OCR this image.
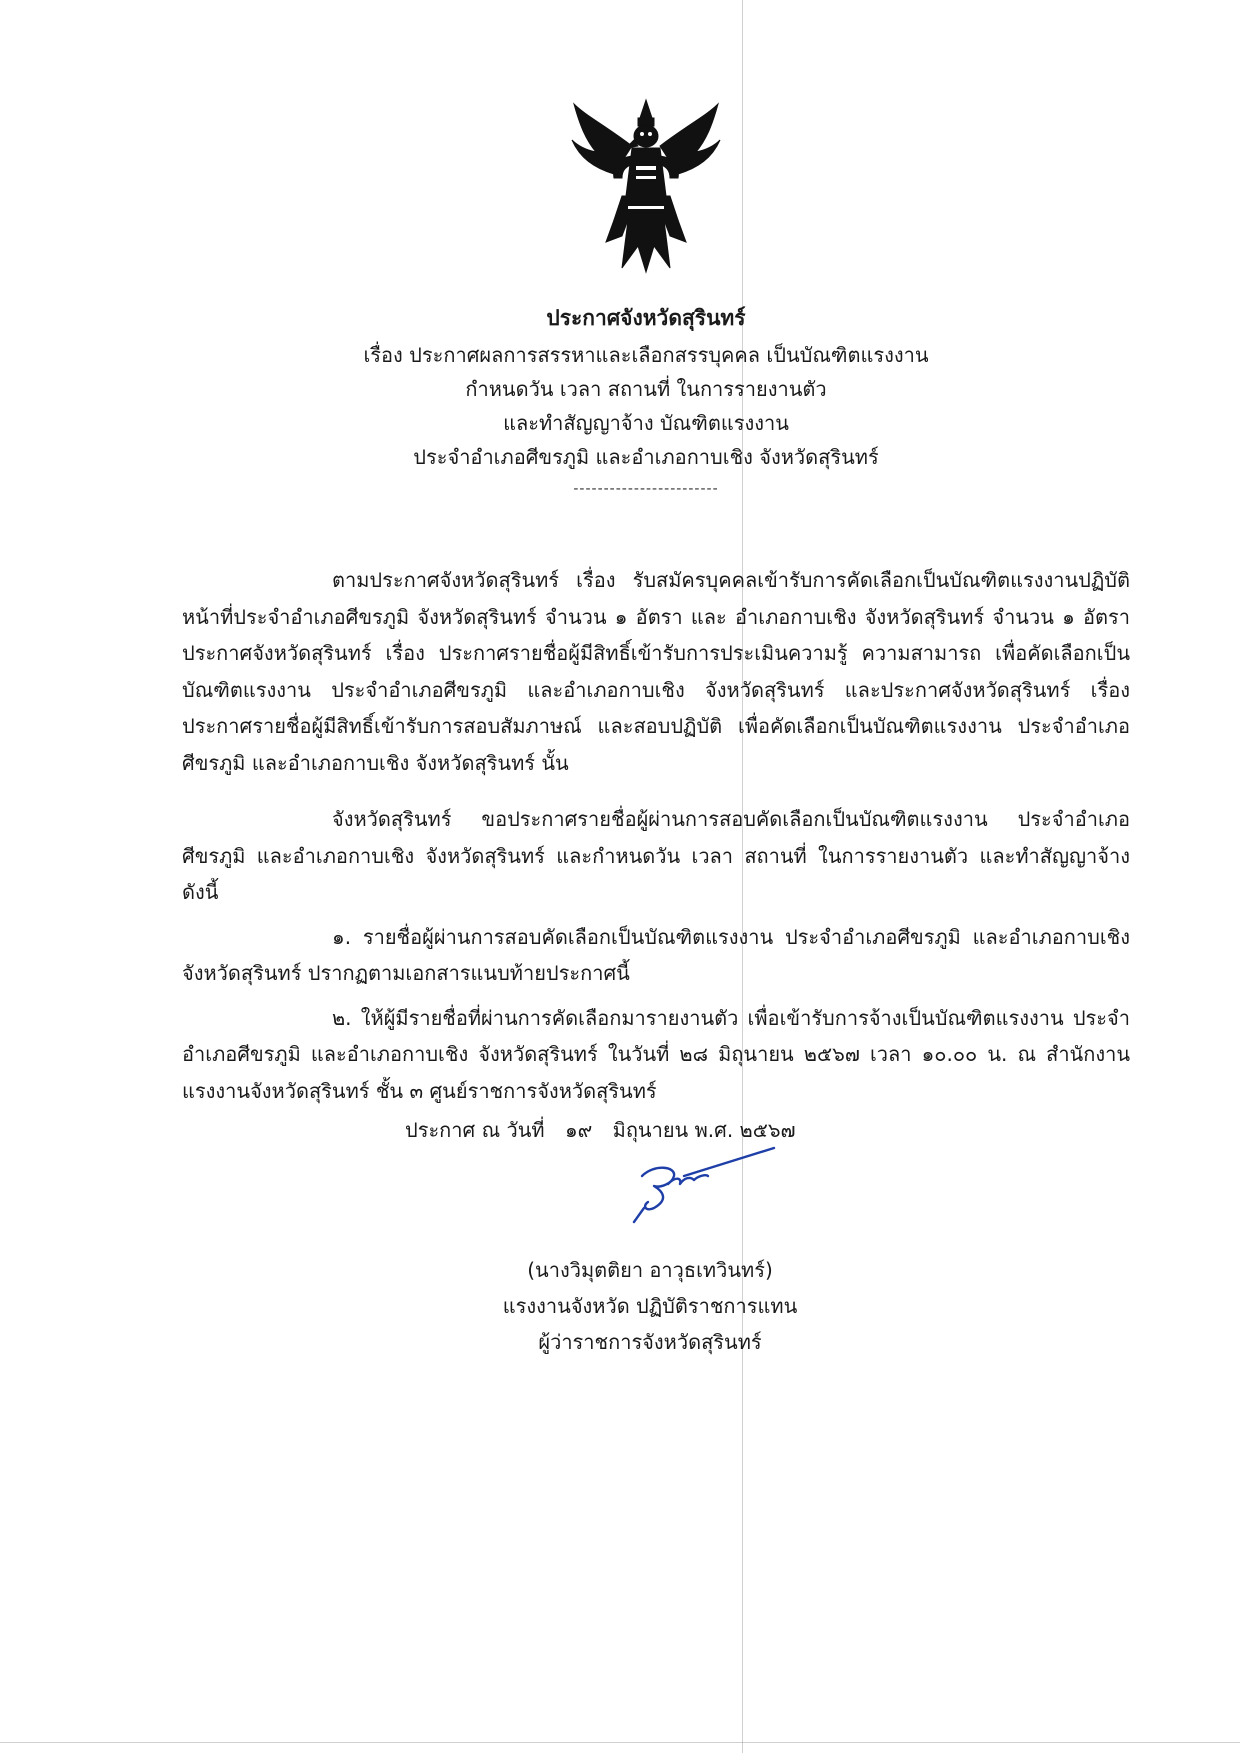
ประกาศจังหวัดสุรินทร์
เรื่อง ประกาศผลการสรรหาและเลือกสรรบุคคล เป็นบัณฑิตแรงงาน
กำหนดวัน เวลา สถานที่ ในการรายงานตัว
และทำสัญญาจ้าง บัณฑิตแรงงาน
ประจำอำเภอศีขรภูมิ และอำเภอกาบเชิง จังหวัดสุรินทร์
------------------------

ตามประกาศจังหวัดสุรินทร์ เรื่อง รับสมัครบุคคลเข้ารับการคัดเลือกเป็นบัณฑิตแรงงานปฏิบัติหน้าที่ประจำอำเภอศีขรภูมิ จังหวัดสุรินทร์ จำนวน ๑ อัตรา และ อำเภอกาบเชิง จังหวัดสุรินทร์ จำนวน ๑ อัตรา ประกาศจังหวัดสุรินทร์ เรื่อง ประกาศรายชื่อผู้มีสิทธิ์เข้ารับการประเมินความรู้ ความสามารถ เพื่อคัดเลือกเป็นบัณฑิตแรงงาน ประจำอำเภอศีขรภูมิ และอำเภอกาบเชิง จังหวัดสุรินทร์ และประกาศจังหวัดสุรินทร์ เรื่อง ประกาศรายชื่อผู้มีสิทธิ์เข้ารับการสอบสัมภาษณ์ และสอบปฏิบัติ เพื่อคัดเลือกเป็นบัณฑิตแรงงาน ประจำอำเภอศีขรภูมิ และอำเภอกาบเชิง จังหวัดสุรินทร์ นั้น

จังหวัดสุรินทร์ ขอประกาศรายชื่อผู้ผ่านการสอบคัดเลือกเป็นบัณฑิตแรงงาน ประจำอำเภอศีขรภูมิ และอำเภอกาบเชิง จังหวัดสุรินทร์ และกำหนดวัน เวลา สถานที่ ในการรายงานตัว และทำสัญญาจ้าง ดังนี้

๑. รายชื่อผู้ผ่านการสอบคัดเลือกเป็นบัณฑิตแรงงาน ประจำอำเภอศีขรภูมิ และอำเภอกาบเชิง จังหวัดสุรินทร์ ปรากฏตามเอกสารแนบท้ายประกาศนี้

๒. ให้ผู้มีรายชื่อที่ผ่านการคัดเลือกมารายงานตัว เพื่อเข้ารับการจ้างเป็นบัณฑิตแรงงาน ประจำอำเภอศีขรภูมิ และอำเภอกาบเชิง จังหวัดสุรินทร์ ในวันที่ ๒๘ มิถุนายน ๒๕๖๗ เวลา ๑๐.๐๐ น. ณ สำนักงานแรงงานจังหวัดสุรินทร์ ชั้น ๓ ศูนย์ราชการจังหวัดสุรินทร์

ประกาศ ณ วันที่ ๑๙ มิถุนายน พ.ศ. ๒๕๖๗
(นางวิมุตติยา อาวุธเทวินทร์)
แรงงานจังหวัด ปฏิบัติราชการแทน
ผู้ว่าราชการจังหวัดสุรินทร์
